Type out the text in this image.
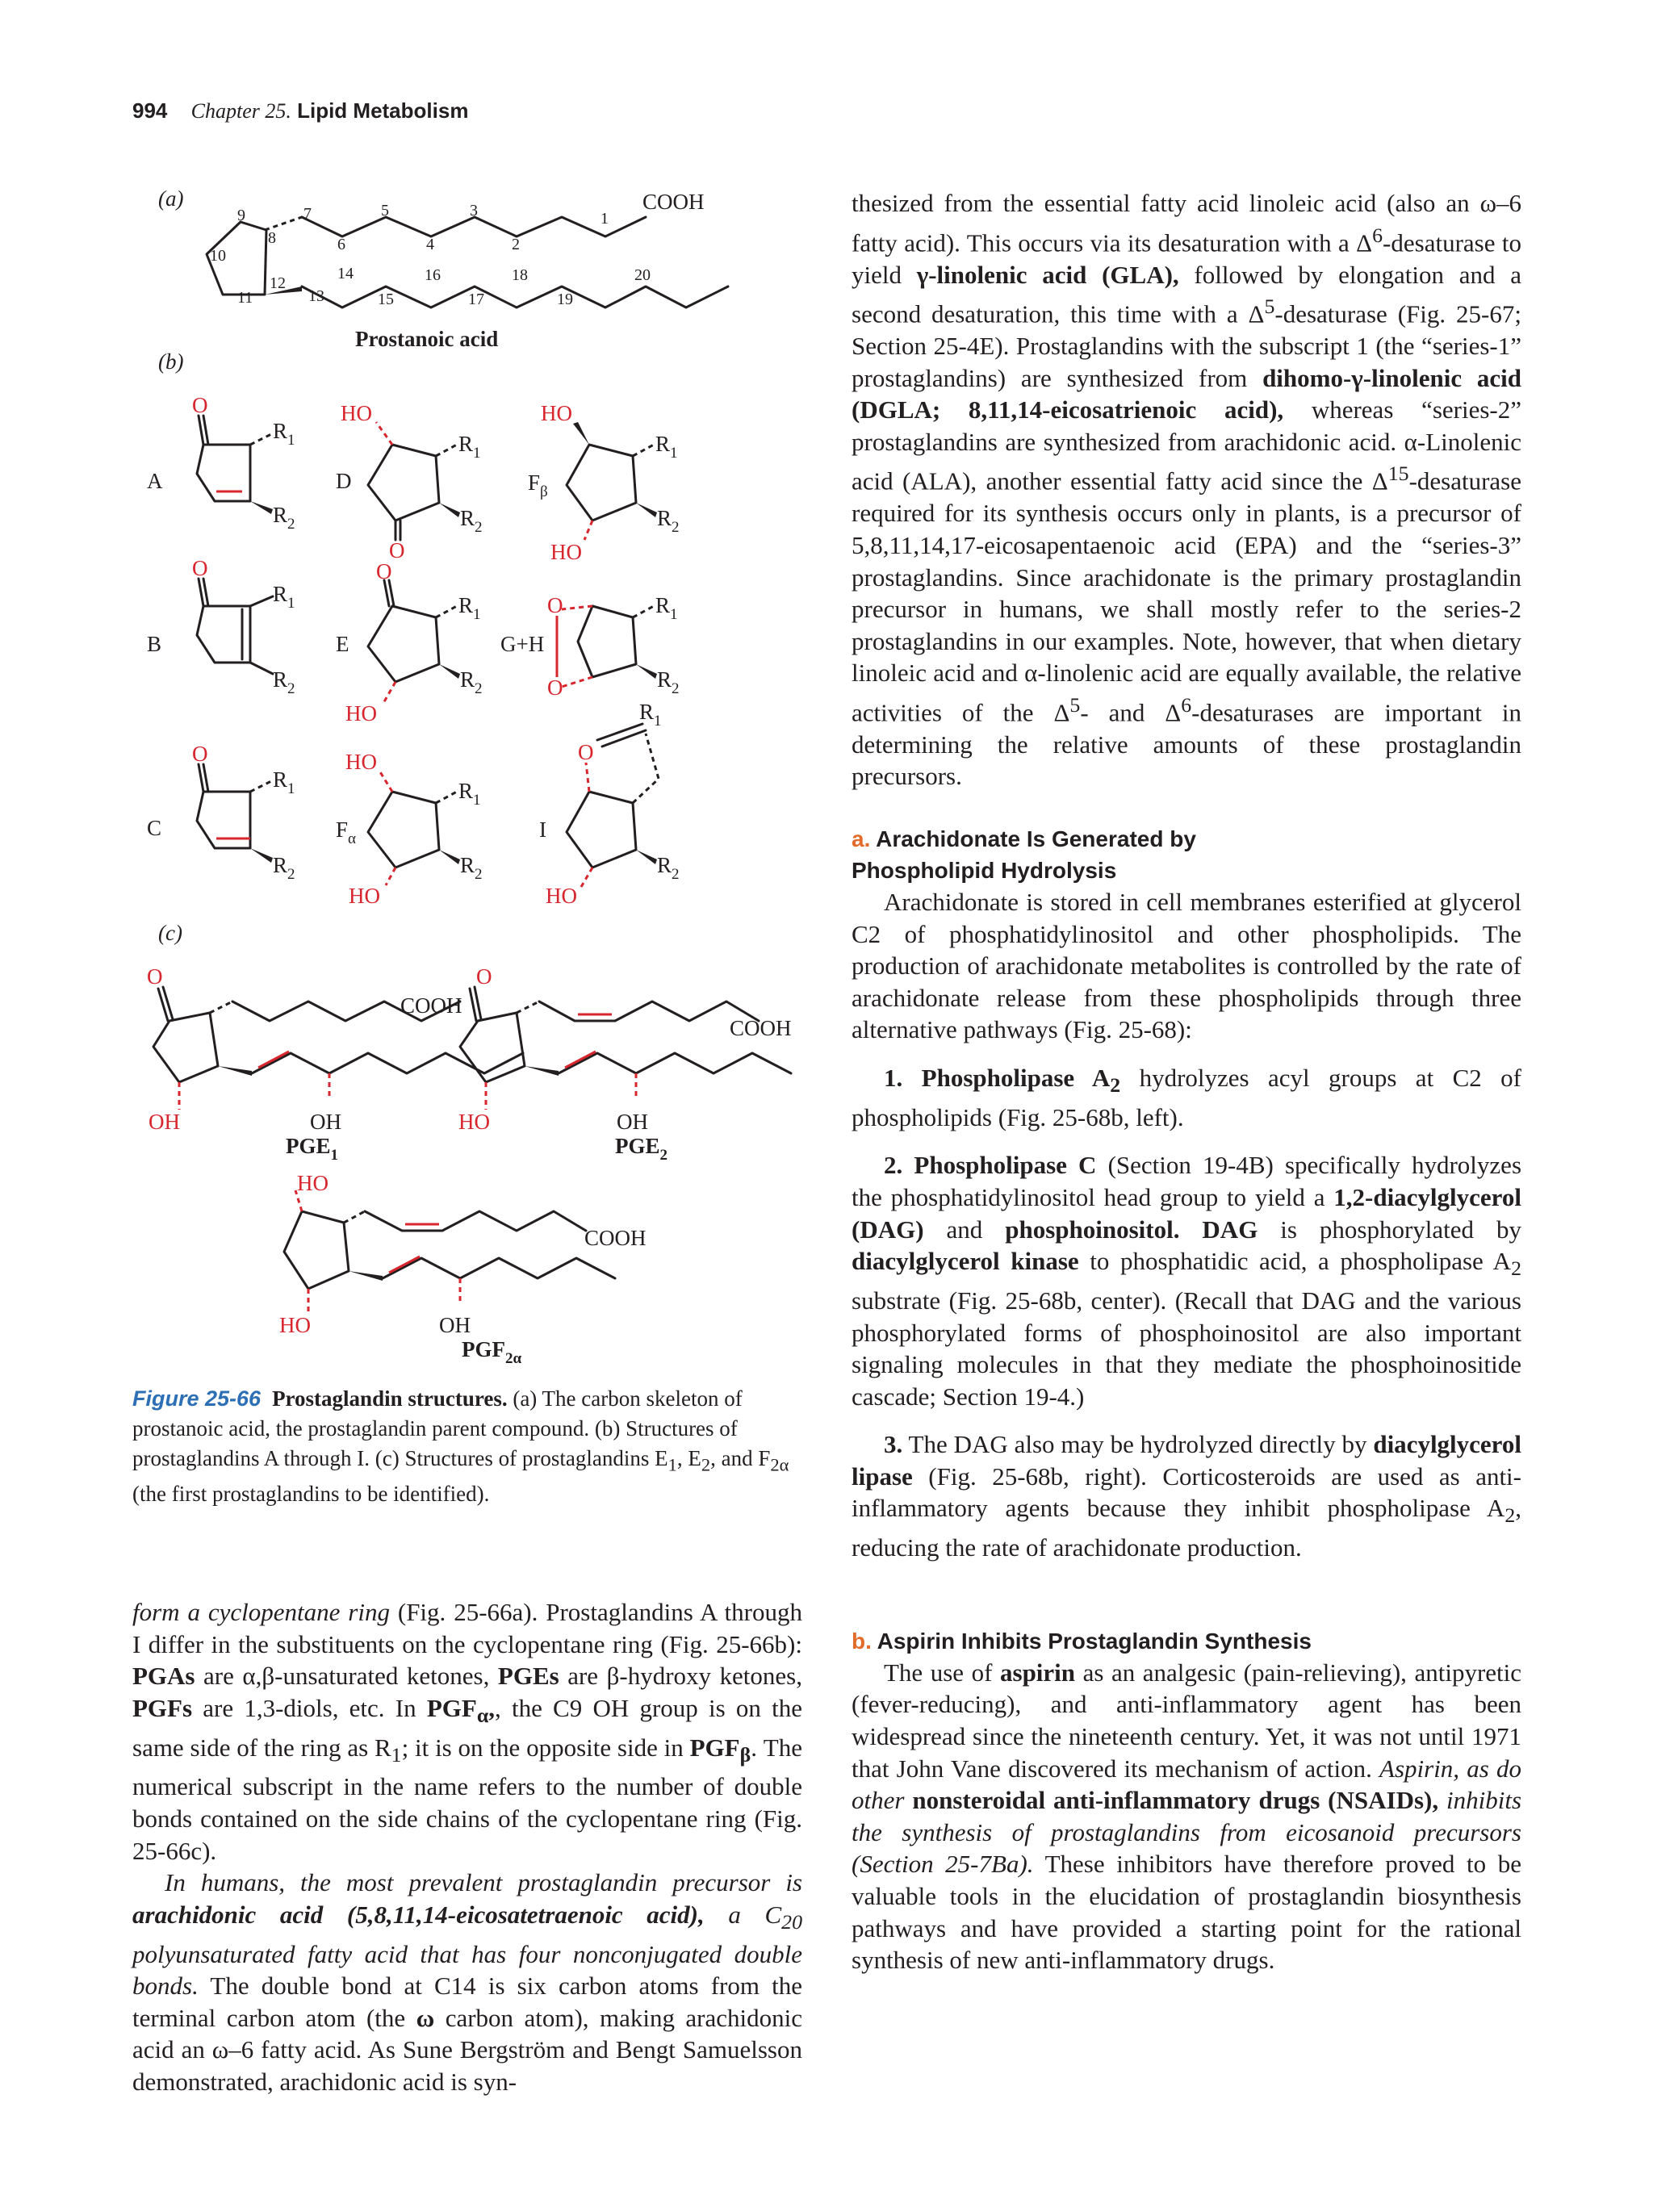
994 Chapter 25. Lipid Metabolism
(a)
(b)
(c)
COOH
9
10
11
8
12
7
6
5
4
3
2
1
13
14
15
16
17
18
19
20
Prostanoic acid
A
O
$R_1$
$R_2$
D
HO
O
$R_1$
$R_2$
$F_\beta$
HO
HO
$R_1$
$R_2$
B
O
$R_1$
$R_2$
E
O
HO
$R_1$
$R_2$
G+H
O
O
$R_1$
$R_2$
C
O
$R_1$
$R_2$
$F_\alpha$
HO
HO
$R_1$
$R_2$
I
O
$R_1$
HO
$R_2$
O
COOH
OH	OH
$PGE_1$
O
COOH
HO	OH
$PGE_2$
HO
COOH
HO	OH
$PGF_{2\alpha}$
Figure 25-66 Prostaglandin structures. (a) The carbon skeleton of prostanoic acid, the prostaglandin parent compound. (b) Structures of prostaglandins A through I. (c) Structures of prostaglandins $E_1$, $E_2$, and $F_{2\alpha}$ (the first prostaglandins to be identified).

form a cyclopentane ring (Fig. 25-66a). Prostaglandins A through I differ in the substituents on the cyclopentane ring (Fig. 25-66b): PGAs are α,β-unsaturated ketones, PGEs are β-hydroxy ketones, PGFs are 1,3-diols, etc. In $PGF_\alpha$,, the C9 OH group is on the same side of the ring as $R_1$; it is on the opposite side in $PGF_\beta$. The numerical subscript in the name refers to the number of double bonds contained on the side chains of the cyclopentane ring (Fig. 25-66c).

In humans, the most prevalent prostaglandin precursor is arachidonic acid (5,8,11,14-eicosatetraenoic acid), a $C_{20}$ polyunsaturated fatty acid that has four nonconjugated double bonds. The double bond at C14 is six carbon atoms from the terminal carbon atom (the ω carbon atom), making arachidonic acid an ω–6 fatty acid. As Sune Bergström and Bengt Samuelsson demonstrated, arachidonic acid is syn-

thesized from the essential fatty acid linoleic acid (also an ω–6 fatty acid). This occurs via its desaturation with a $\Delta^6$-desaturase to yield γ-linolenic acid (GLA), followed by elongation and a second desaturation, this time with a $\Delta^5$-desaturase (Fig. 25-67; Section 25-4E). Prostaglandins with the subscript 1 (the “series-1” prostaglandins) are synthesized from dihomo-γ-linolenic acid (DGLA; 8,11,14-eicosatrienoic acid), whereas “series-2” prostaglandins are synthesized from arachidonic acid. α-Linolenic acid (ALA), another essential fatty acid since the $\Delta^{15}$-desaturase required for its synthesis occurs only in plants, is a precursor of 5,8,11,14,17-eicosapentaenoic acid (EPA) and the “series-3” prostaglandins. Since arachidonate is the primary prostaglandin precursor in humans, we shall mostly refer to the series-2 prostaglandins in our examples. Note, however, that when dietary linoleic acid and α-linolenic acid are equally available, the relative activities of the $\Delta^5-$ and $\Delta^6$-desaturases are important in determining the relative amounts of these prostaglandin precursors.

a. Arachidonate Is Generated by
Phospholipid Hydrolysis

Arachidonate is stored in cell membranes esterified at glycerol C2 of phosphatidylinositol and other phospholipids. The production of arachidonate metabolites is controlled by the rate of arachidonate release from these phospholipids through three alternative pathways (Fig. 25-68):

1. Phospholipase $A_2$ hydrolyzes acyl groups at C2 of phospholipids (Fig. 25-68b, left).

2. Phospholipase C (Section 19-4B) specifically hydrolyzes the phosphatidylinositol head group to yield a 1,2-diacylglycerol (DAG) and phosphoinositol. DAG is phosphorylated by diacylglycerol kinase to phosphatidic acid, a phospholipase $A_2$ substrate (Fig. 25-68b, center). (Recall that DAG and the various phosphorylated forms of phosphoinositol are also important signaling molecules in that they mediate the phosphoinositide cascade; Section 19-4.)

3. The DAG also may be hydrolyzed directly by diacylglycerol lipase (Fig. 25-68b, right). Corticosteroids are used as anti-inflammatory agents because they inhibit phospholipase $A_2$, reducing the rate of arachidonate production.

b. Aspirin Inhibits Prostaglandin Synthesis

The use of aspirin as an analgesic (pain-relieving), antipyretic (fever-reducing), and anti-inflammatory agent has been widespread since the nineteenth century. Yet, it was not until 1971 that John Vane discovered its mechanism of action. Aspirin, as do other nonsteroidal anti-inflammatory drugs (NSAIDs), inhibits the synthesis of prostaglandins from eicosanoid precursors (Section 25-7Ba). These inhibitors have therefore proved to be valuable tools in the elucidation of prostaglandin biosynthesis pathways and have provided a starting point for the rational synthesis of new anti-inflammatory drugs.
